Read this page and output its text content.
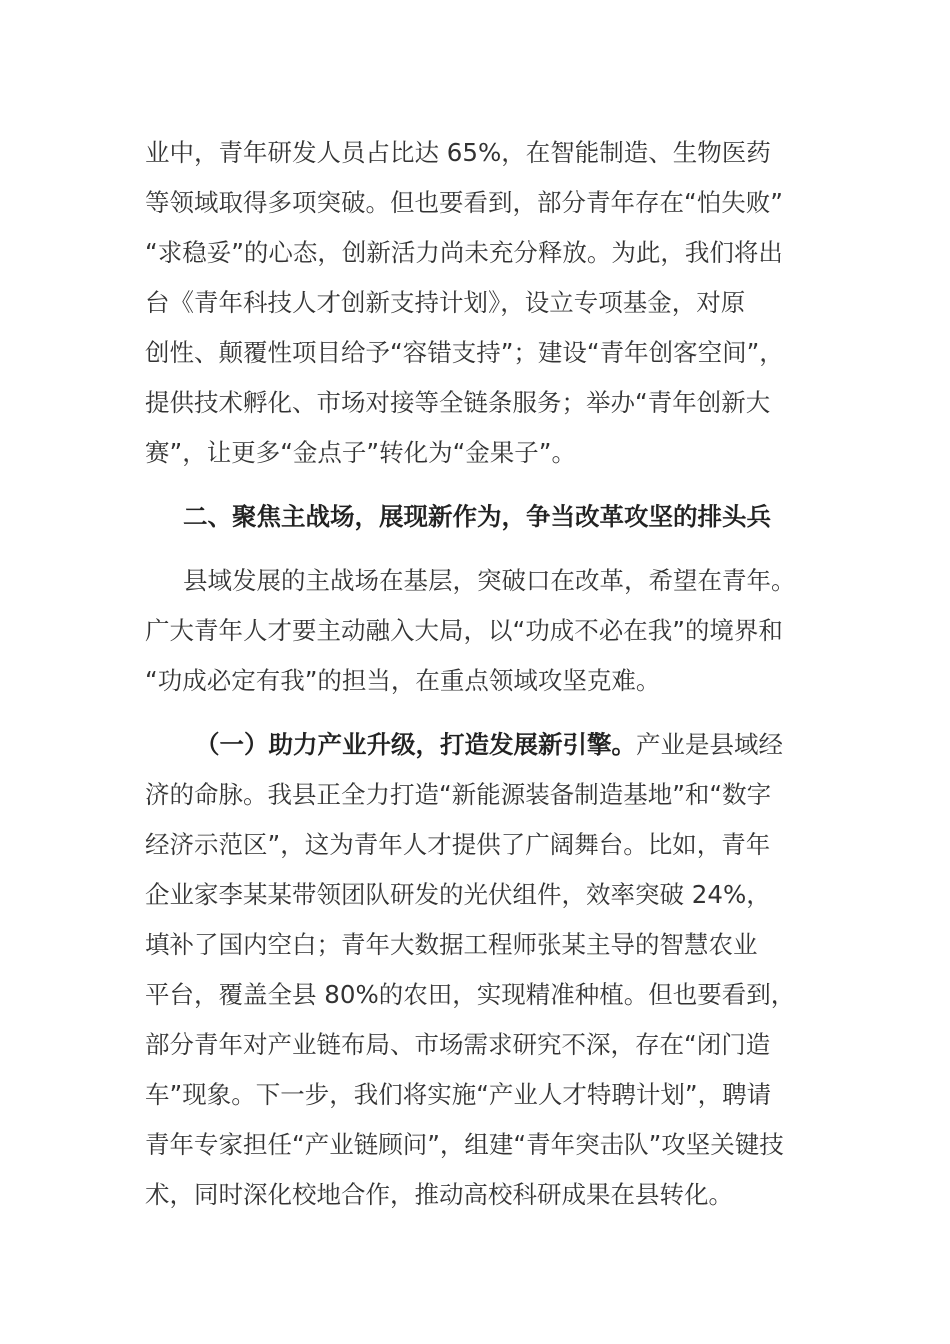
业中，青年研发人员占比达 65%，在智能制造、生物医药
等领域取得多项突破。但也要看到，部分青年存在“怕失败”
“求稳妥”的心态，创新活力尚未充分释放。为此，我们将出
台《青年科技人才创新支持计划》，设立专项基金，对原
创性、颠覆性项目给予“容错支持”；建设“青年创客空间”，
提供技术孵化、市场对接等全链条服务；举办“青年创新大
赛”，让更多“金点子”转化为“金果子”。
二、聚焦主战场，展现新作为，争当改革攻坚的排头兵
县域发展的主战场在基层，突破口在改革，希望在青年。
广大青年人才要主动融入大局，以“功成不必在我”的境界和
“功成必定有我”的担当，在重点领域攻坚克难。
（一）助力产业升级，打造发展新引擎。产业是县域经
济的命脉。我县正全力打造“新能源装备制造基地”和“数字
经济示范区”，这为青年人才提供了广阔舞台。比如，青年
企业家李某某带领团队研发的光伏组件，效率突破 24%，
填补了国内空白；青年大数据工程师张某主导的智慧农业
平台，覆盖全县 80%的农田，实现精准种植。但也要看到，
部分青年对产业链布局、市场需求研究不深，存在“闭门造
车”现象。下一步，我们将实施“产业人才特聘计划”，聘请
青年专家担任“产业链顾问”，组建“青年突击队”攻坚关键技
术，同时深化校地合作，推动高校科研成果在县转化。
